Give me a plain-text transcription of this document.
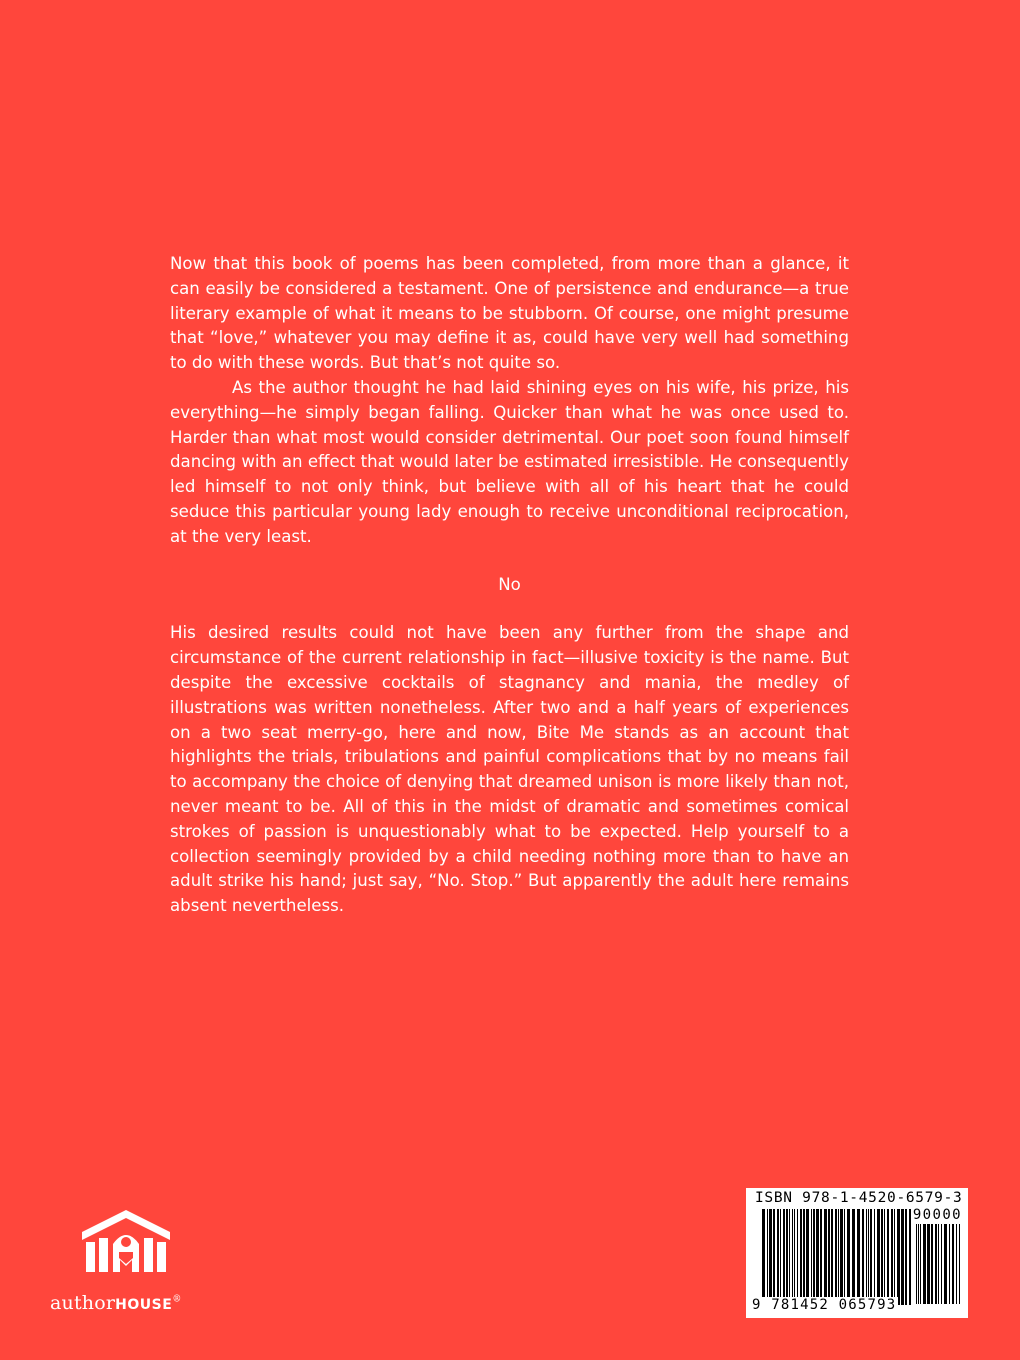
Now that this book of poems has been completed, from more than a glance, it can easily be considered a testament. One of persistence and endurance—a true literary example of what it means to be stubborn. Of course, one might presume that “love,” whatever you may define it as, could have very well had something to do with these words. But that’s not quite so.

As the author thought he had laid shining eyes on his wife, his prize, his everything—he simply began falling. Quicker than what he was once used to. Harder than what most would consider detrimental. Our poet soon found himself dancing with an effect that would later be estimated irresistible. He consequently led himself to not only think, but believe with all of his heart that he could seduce this particular young lady enough to receive unconditional reciprocation, at the very least.

No

His desired results could not have been any further from the shape and circumstance of the current relationship in fact—illusive toxicity is the name. But despite the excessive cocktails of stagnancy and mania, the medley of illustrations was written nonetheless. After two and a half years of experiences on a two seat merry-go, here and now, Bite Me stands as an account that highlights the trials, tribulations and painful complications that by no means fail to accompany the choice of denying that dreamed unison is more likely than not, never meant to be. All of this in the midst of dramatic and sometimes comical strokes of passion is unquestionably what to be expected. Help yourself to a collection seemingly provided by a child needing nothing more than to have an adult strike his hand; just say, “No. Stop.” But apparently the adult here remains absent nevertheless.

authorHOUSE®
ISBN 978-1-4520-6579-3
90000
9 781452 065793
